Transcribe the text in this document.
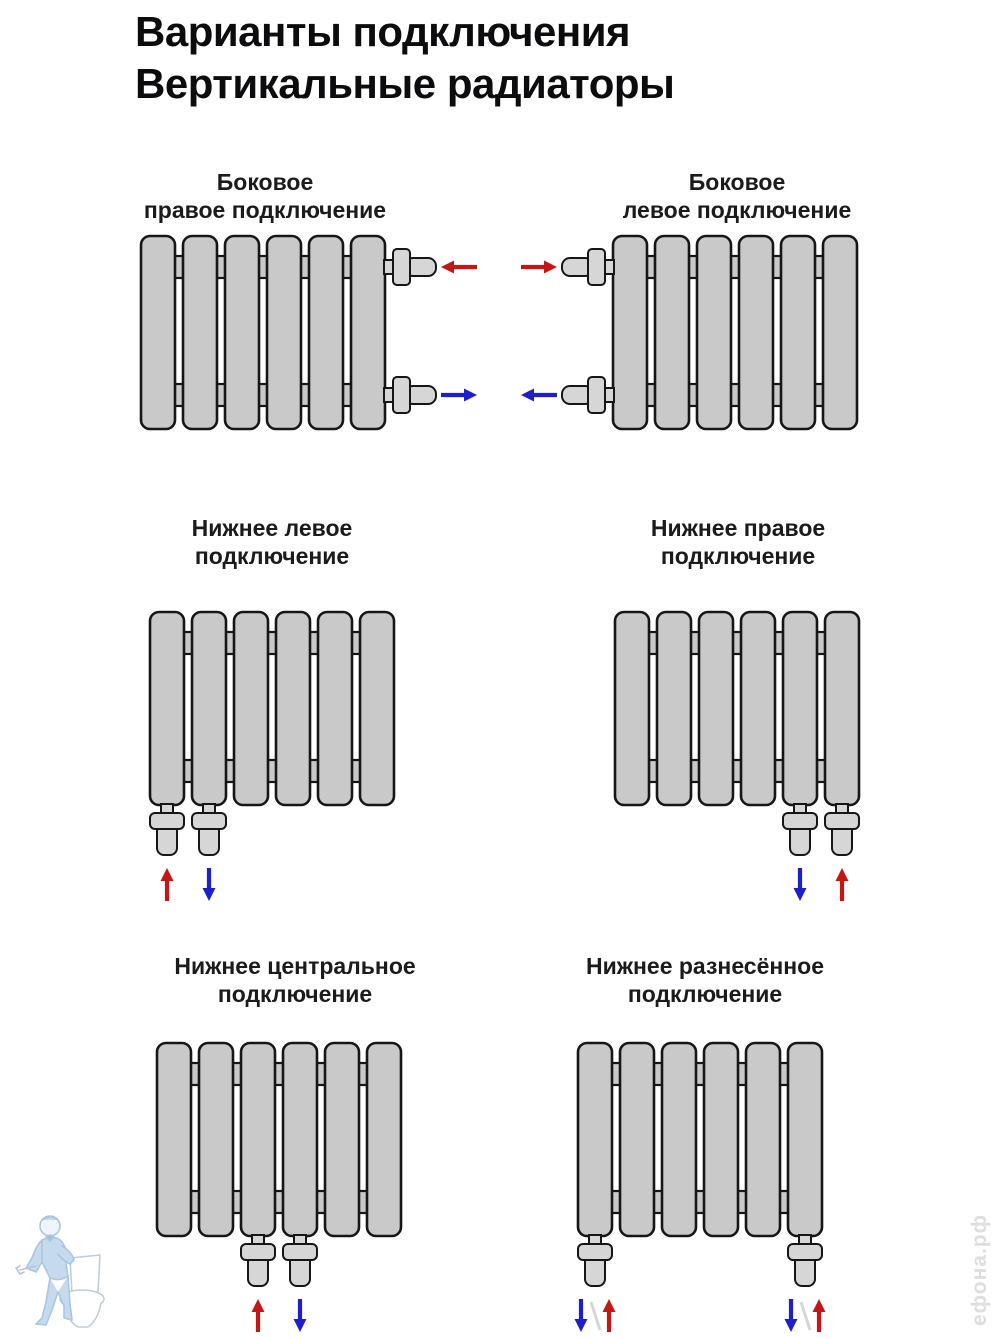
Варианты подключения
Вертикальные радиаторы
Боковое
правое подключение
Боковое
левое подключение
Нижнее левое
подключение
Нижнее правое
подключение
Нижнее центральное
подключение
Нижнее разнесённое
подключение
ефона.рф
